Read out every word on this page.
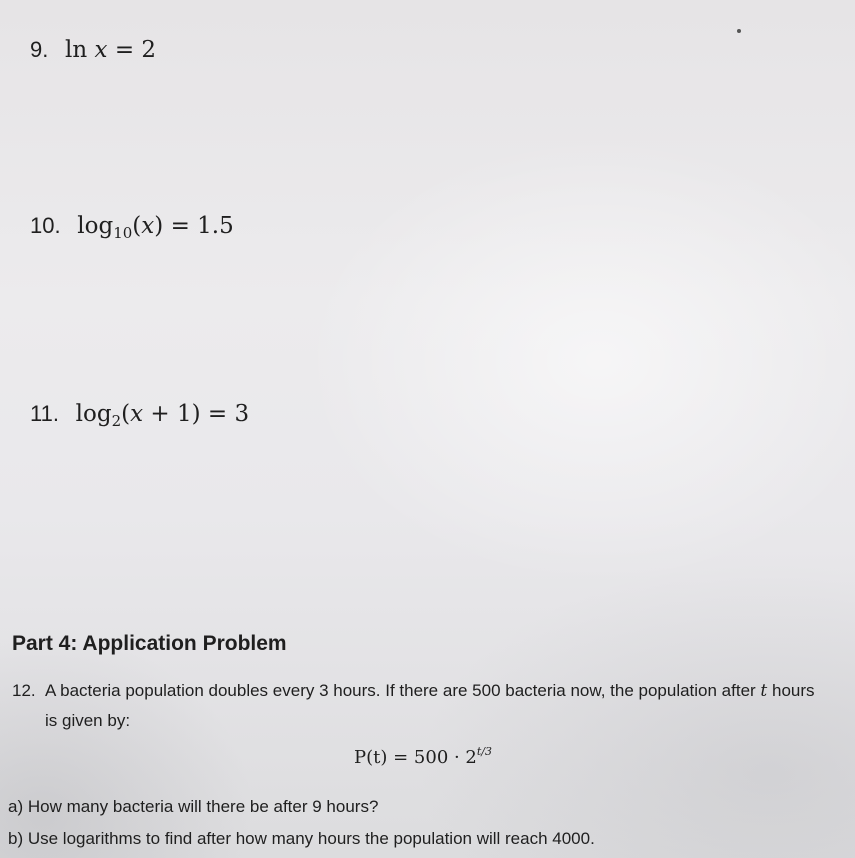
9. ln x = 2
10. $\log_{10}(x) = 1.5$
11. $\log_2(x + 1) = 3$
Part 4: Application Problem
12. A bacteria population doubles every 3 hours. If there are 500 bacteria now, the population after t hours
is given by:
$P(t) = 500 \cdot 2^{t/3}$
a) How many bacteria will there be after 9 hours?
b) Use logarithms to find after how many hours the population will reach 4000.
